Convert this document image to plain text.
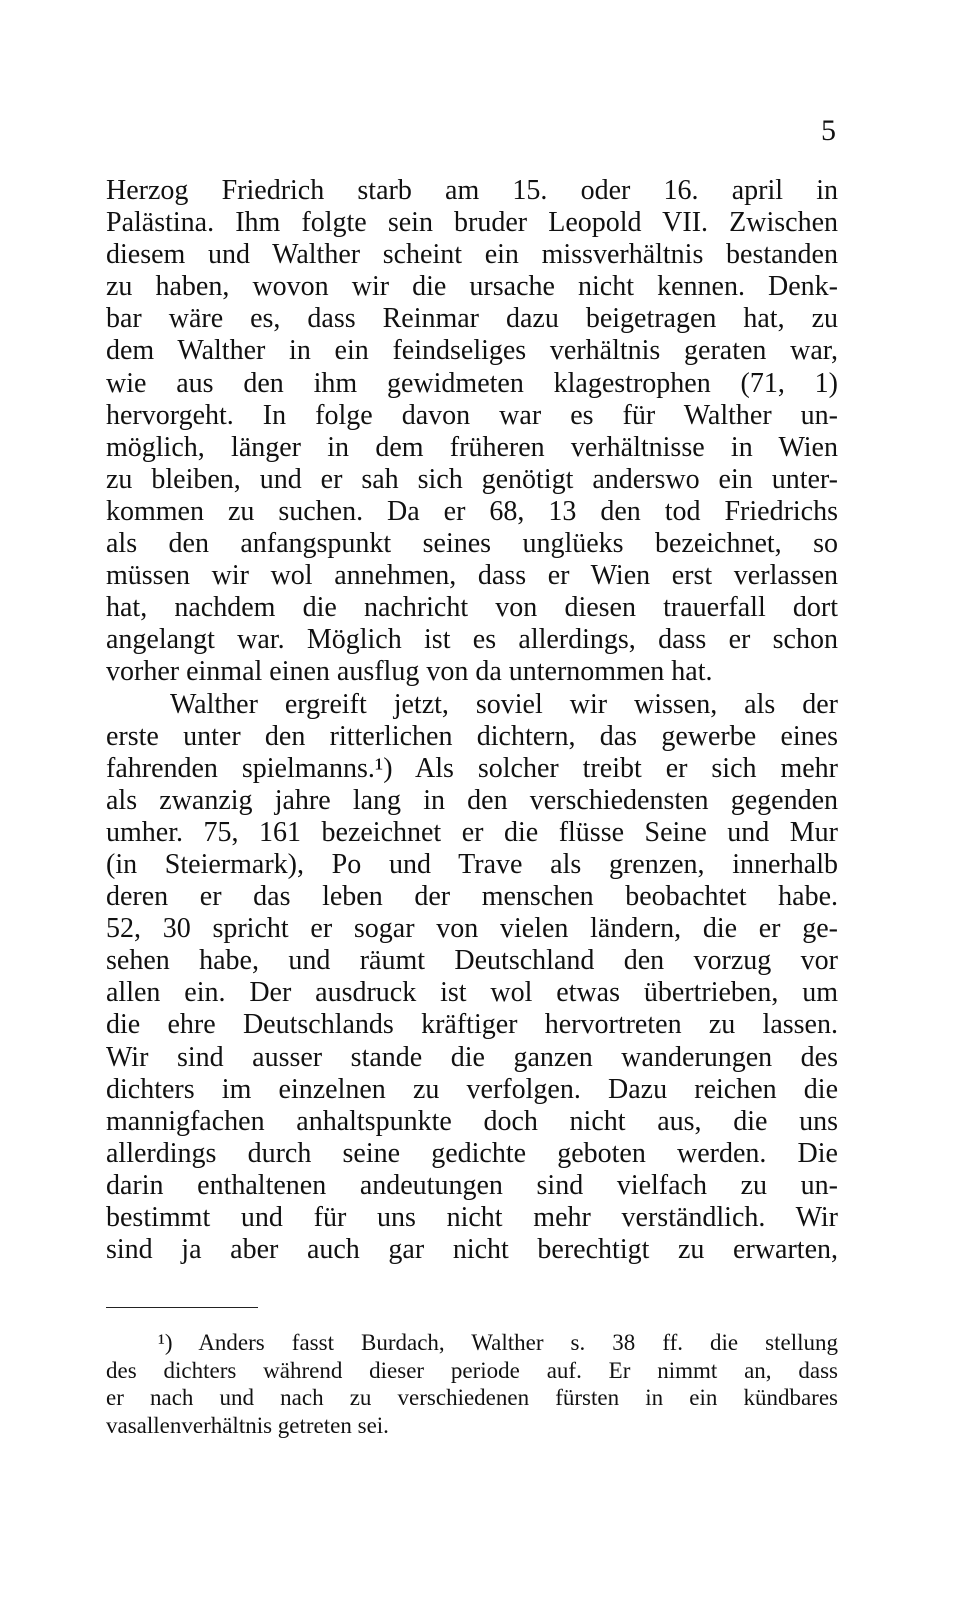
5
Herzog Friedrich starb am 15. oder 16. april in
Palästina. Ihm folgte sein bruder Leopold VII. Zwischen
diesem und Walther scheint ein missverhältnis bestanden
zu haben, wovon wir die ursache nicht kennen. Denk-
bar wäre es, dass Reinmar dazu beigetragen hat, zu
dem Walther in ein feindseliges verhältnis geraten war,
wie aus den ihm gewidmeten klagestrophen (71, 1)
hervorgeht. In folge davon war es für Walther un-
möglich, länger in dem früheren verhältnisse in Wien
zu bleiben, und er sah sich genötigt anderswo ein unter-
kommen zu suchen. Da er 68, 13 den tod Friedrichs
als den anfangspunkt seines unglüeks bezeichnet, so
müssen wir wol annehmen, dass er Wien erst verlassen
hat, nachdem die nachricht von diesen trauerfall dort
angelangt war. Möglich ist es allerdings, dass er schon
vorher einmal einen ausflug von da unternommen hat.
Walther ergreift jetzt, soviel wir wissen, als der
erste unter den ritterlichen dichtern, das gewerbe eines
fahrenden spielmanns.¹) Als solcher treibt er sich mehr
als zwanzig jahre lang in den verschiedensten gegenden
umher. 75, 161 bezeichnet er die flüsse Seine und Mur
(in Steiermark), Po und Trave als grenzen, innerhalb
deren er das leben der menschen beobachtet habe.
52, 30 spricht er sogar von vielen ländern, die er ge-
sehen habe, und räumt Deutschland den vorzug vor
allen ein. Der ausdruck ist wol etwas übertrieben, um
die ehre Deutschlands kräftiger hervortreten zu lassen.
Wir sind ausser stande die ganzen wanderungen des
dichters im einzelnen zu verfolgen. Dazu reichen die
mannigfachen anhaltspunkte doch nicht aus, die uns
allerdings durch seine gedichte geboten werden. Die
darin enthaltenen andeutungen sind vielfach zu un-
bestimmt und für uns nicht mehr verständlich. Wir
sind ja aber auch gar nicht berechtigt zu erwarten,
¹) Anders fasst Burdach, Walther s. 38 ff. die stellung
des dichters während dieser periode auf. Er nimmt an, dass
er nach und nach zu verschiedenen fürsten in ein kündbares
vasallenverhältnis getreten sei.
